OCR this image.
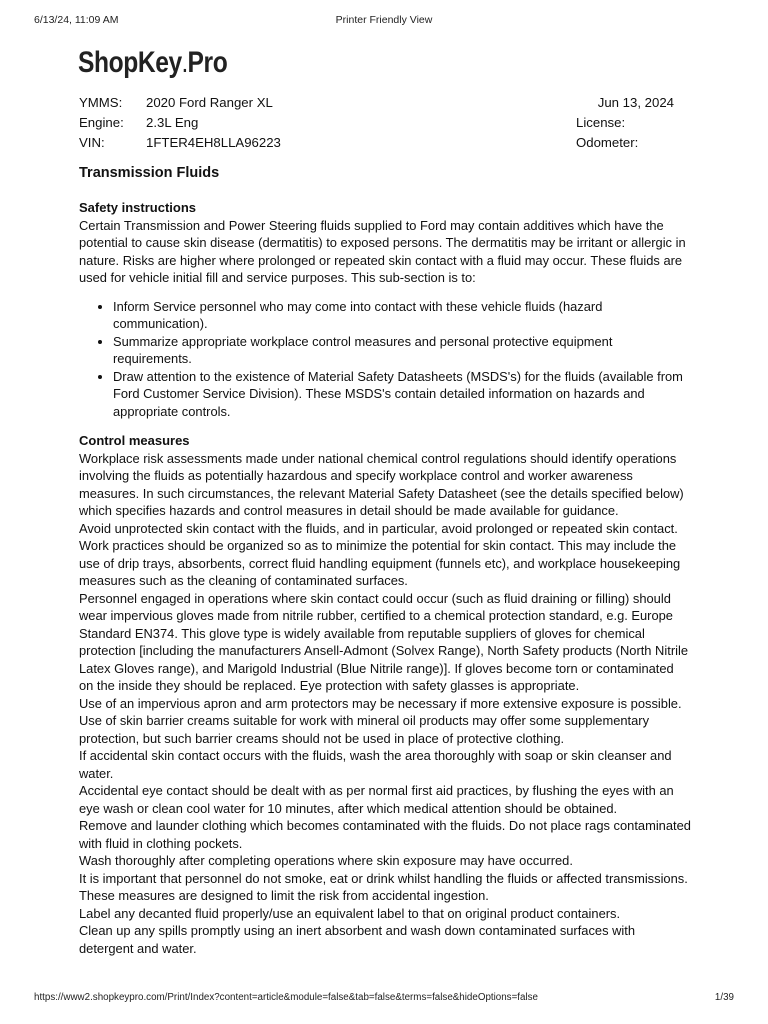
6/13/24, 11:09 AM	Printer Friendly View
ShopKey.Pro
YMMS:	2020 Ford Ranger XL	Jun 13, 2024
Engine:	2.3L Eng	License:
VIN:	1FTER4EH8LLA96223	Odometer:
Transmission Fluids
Safety instructions

Certain Transmission and Power Steering fluids supplied to Ford may contain additives which have the potential to cause skin disease (dermatitis) to exposed persons. The dermatitis may be irritant or allergic in nature. Risks are higher where prolonged or repeated skin contact with a fluid may occur. These fluids are used for vehicle initial fill and service purposes. This sub-section is to:

• Inform Service personnel who may come into contact with these vehicle fluids (hazard communication).
• Summarize appropriate workplace control measures and personal protective equipment requirements.
• Draw attention to the existence of Material Safety Datasheets (MSDS's) for the fluids (available from Ford Customer Service Division). These MSDS's contain detailed information on hazards and appropriate controls.
Control measures

Workplace risk assessments made under national chemical control regulations should identify operations involving the fluids as potentially hazardous and specify workplace control and worker awareness measures. In such circumstances, the relevant Material Safety Datasheet (see the details specified below) which specifies hazards and control measures in detail should be made available for guidance.

Avoid unprotected skin contact with the fluids, and in particular, avoid prolonged or repeated skin contact. Work practices should be organized so as to minimize the potential for skin contact. This may include the use of drip trays, absorbents, correct fluid handling equipment (funnels etc), and workplace housekeeping measures such as the cleaning of contaminated surfaces.

Personnel engaged in operations where skin contact could occur (such as fluid draining or filling) should wear impervious gloves made from nitrile rubber, certified to a chemical protection standard, e.g. Europe Standard EN374. This glove type is widely available from reputable suppliers of gloves for chemical protection [including the manufacturers Ansell-Admont (Solvex Range), North Safety products (North Nitrile Latex Gloves range), and Marigold Industrial (Blue Nitrile range)]. If gloves become torn or contaminated on the inside they should be replaced. Eye protection with safety glasses is appropriate.

Use of an impervious apron and arm protectors may be necessary if more extensive exposure is possible. Use of skin barrier creams suitable for work with mineral oil products may offer some supplementary protection, but such barrier creams should not be used in place of protective clothing.

If accidental skin contact occurs with the fluids, wash the area thoroughly with soap or skin cleanser and water.

Accidental eye contact should be dealt with as per normal first aid practices, by flushing the eyes with an eye wash or clean cool water for 10 minutes, after which medical attention should be obtained.

Remove and launder clothing which becomes contaminated with the fluids. Do not place rags contaminated with fluid in clothing pockets.

Wash thoroughly after completing operations where skin exposure may have occurred.

It is important that personnel do not smoke, eat or drink whilst handling the fluids or affected transmissions. These measures are designed to limit the risk from accidental ingestion.

Label any decanted fluid properly/use an equivalent label to that on original product containers.

Clean up any spills promptly using an inert absorbent and wash down contaminated surfaces with detergent and water.

https://www2.shopkeypro.com/Print/Index?content=article&module=false&tab=false&terms=false&hideOptions=false	1/39
